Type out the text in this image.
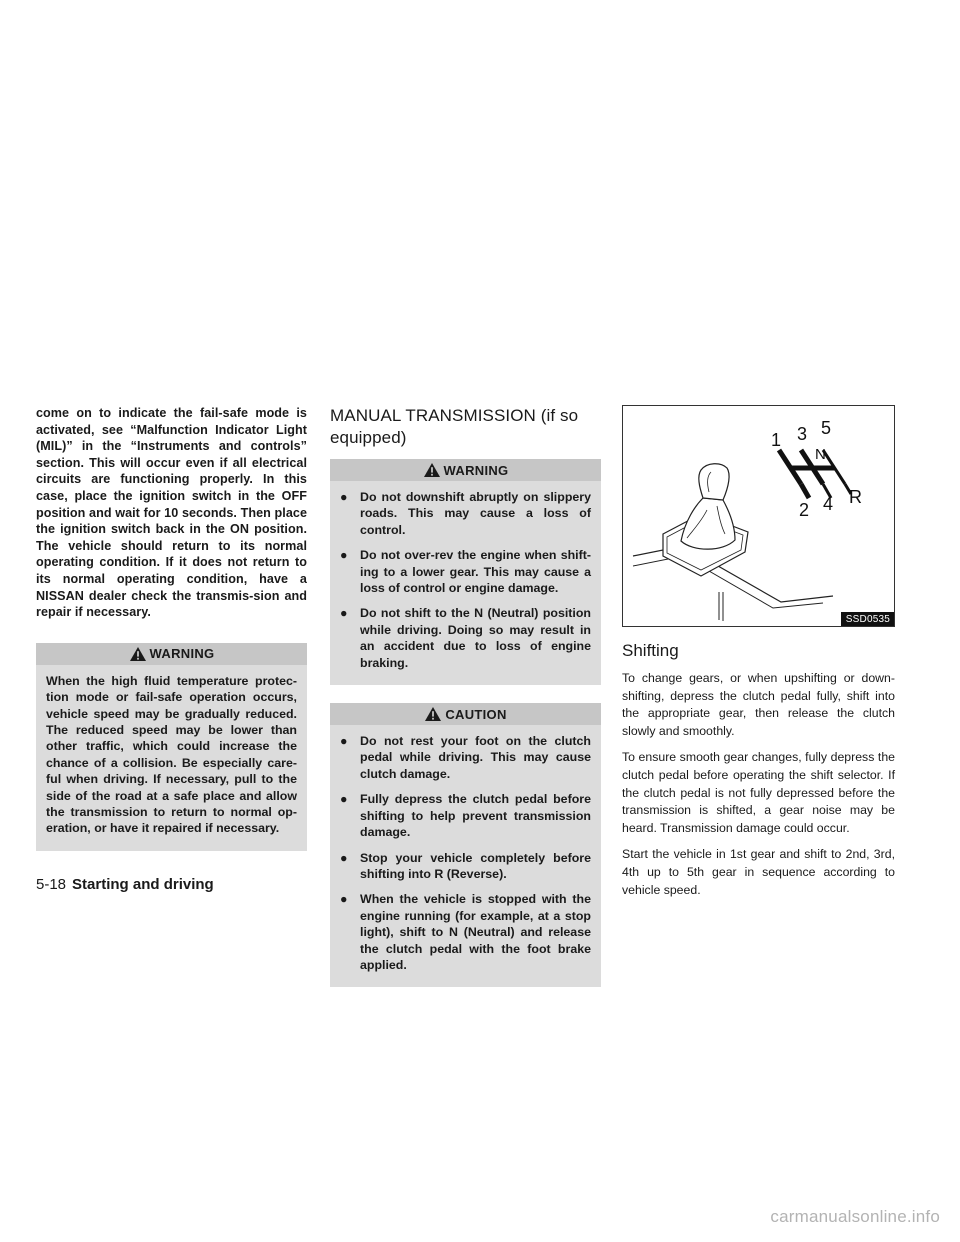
come on to indicate the fail-safe mode is activated, see “Malfunction Indicator Light (MIL)” in the “Instruments and controls” section. This will occur even if all electrical circuits are functioning properly. In this case, place the ignition switch in the OFF position and wait for 10 seconds. Then place the ignition switch back in the ON position. The vehicle should return to its normal operating condition. If it does not return to its normal operating condition, have a NISSAN dealer check the transmis-sion and repair if necessary.

WARNING

When the high fluid temperature protec-tion mode or fail-safe operation occurs, vehicle speed may be gradually reduced. The reduced speed may be lower than other traffic, which could increase the chance of a collision. Be especially care-ful when driving. If necessary, pull to the side of the road at a safe place and allow the transmission to return to normal op-eration, or have it repaired if necessary.

MANUAL TRANSMISSION (if so equipped)
WARNING
● Do not downshift abruptly on slippery roads. This may cause a loss of control.
● Do not over-rev the engine when shift-ing to a lower gear. This may cause a loss of control or engine damage.
● Do not shift to the N (Neutral) position while driving. Doing so may result in an accident due to loss of engine braking.
CAUTION
● Do not rest your foot on the clutch pedal while driving. This may cause clutch damage.
● Fully depress the clutch pedal before shifting to help prevent transmission damage.
● Stop your vehicle completely before shifting into R (Reverse).
● When the vehicle is stopped with the engine running (for example, at a stop light), shift to N (Neutral) and release the clutch pedal with the foot brake applied.
1 3 5
N
2 4 R
SSD0535
Shifting

To change gears, or when upshifting or down-shifting, depress the clutch pedal fully, shift into the appropriate gear, then release the clutch slowly and smoothly.

To ensure smooth gear changes, fully depress the clutch pedal before operating the shift selector. If the clutch pedal is not fully depressed before the transmission is shifted, a gear noise may be heard. Transmission damage could occur.

Start the vehicle in 1st gear and shift to 2nd, 3rd, 4th up to 5th gear in sequence according to vehicle speed.

5-18 Starting and driving
carmanualsonline.info
